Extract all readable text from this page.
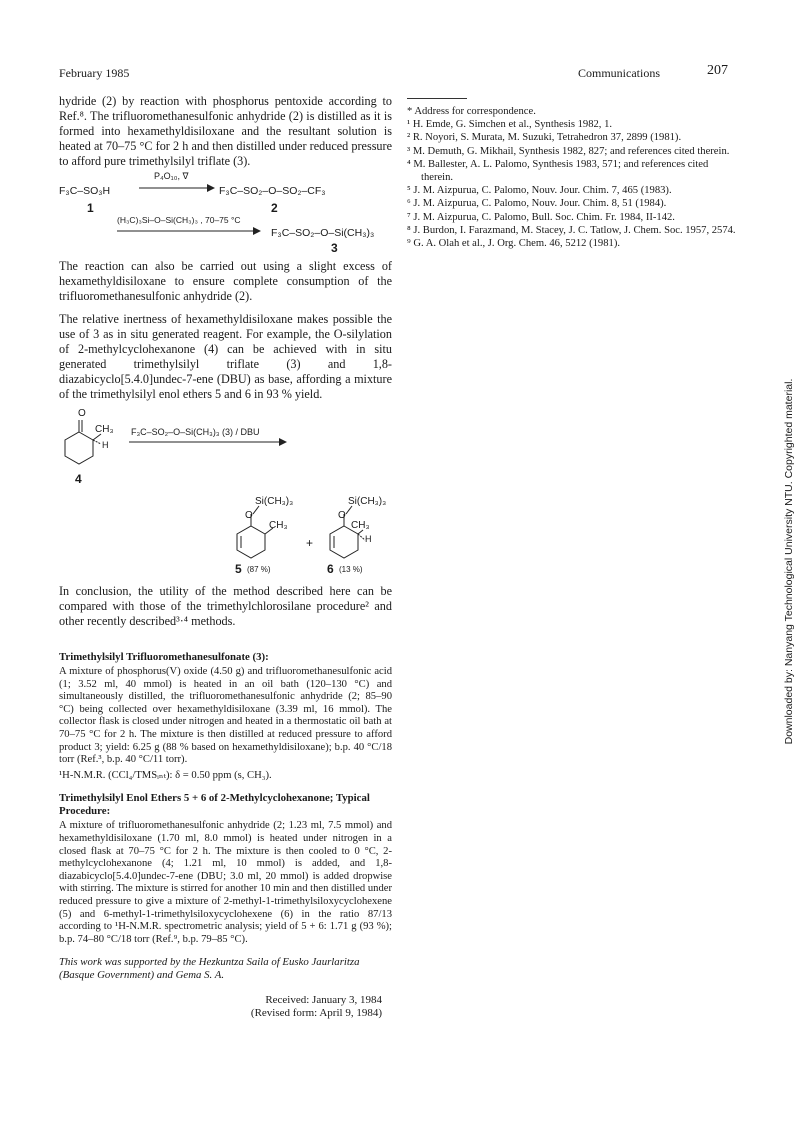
February 1985	Communications	207

hydride (2) by reaction with phosphorus pentoxide according to Ref.⁸. The trifluoromethanesulfonic anhydride (2) is distilled as it is formed into hexamethyldisiloxane and the resultant solution is heated at 70–75 °C for 2 h and then distilled under reduced pressure to afford pure trimethylsilyl triflate (3).

F₃C–SO₃H
1
P₄O₁₀, ∇
F₃C–SO₂–O–SO₂–CF₃
2
(H₃C)₃Si–O–Si(CH₃)₃ , 70–75 °C
F₃C–SO₂–O–Si(CH₃)₃
3

The reaction can also be carried out using a slight excess of hexamethyldisiloxane to ensure complete consumption of the trifluoromethanesulfonic anhydride (2).

The relative inertness of hexamethyldisiloxane makes possible the use of 3 as in situ generated reagent. For example, the O-silylation of 2-methylcyclohexanone (4) can be achieved with in situ generated trimethylsilyl triflate (3) and 1,8-diazabicyclo[5.4.0]undec-7-ene (DBU) as base, affording a mixture of the trimethylsilyl enol ethers 5 and 6 in 93 % yield.

O
CH₃
H
4
F₃C–SO₂–O–Si(CH₃)₃ (3) / DBU
Si(CH₃)₃
O
CH₃
+
Si(CH₃)₃
O
CH₃
H
5 (87 %)	6 (13 %)

In conclusion, the utility of the method described here can be compared with those of the trimethylchlorosilane procedure² and other recently described³·⁴ methods.

Trimethylsilyl Trifluoromethanesulfonate (3):

A mixture of phosphorus(V) oxide (4.50 g) and trifluoromethanesulfonic acid (1; 3.52 ml, 40 mmol) is heated in an oil bath (120–130 °C) and simultaneously distilled, the trifluoromethanesulfonic anhydride (2; 85–90 °C) being collected over hexamethyldisiloxane (3.39 ml, 16 mmol). The collector flask is closed under nitrogen and heated in a thermostatic oil bath at 70–75 °C for 2 h. The mixture is then distilled at reduced pressure to afford product 3; yield: 6.25 g (88 % based on hexamethyldisiloxane); b.p. 40 °C/18 torr (Ref.³, b.p. 40 °C/11 torr).

¹H-N.M.R. (CCl₄/TMSᵢₙₜ): δ = 0.50 ppm (s, CH₃).

Trimethylsilyl Enol Ethers 5 + 6 of 2-Methylcyclohexanone; Typical Procedure:

A mixture of trifluoromethanesulfonic anhydride (2; 1.23 ml, 7.5 mmol) and hexamethyldisiloxane (1.70 ml, 8.0 mmol) is heated under nitrogen in a closed flask at 70–75 °C for 2 h. The mixture is then cooled to 0 °C, 2-methylcyclohexanone (4; 1.21 ml, 10 mmol) is added, and 1,8-diazabicyclo[5.4.0]undec-7-ene (DBU; 3.0 ml, 20 mmol) is added dropwise with stirring. The mixture is stirred for another 10 min and then distilled under reduced pressure to give a mixture of 2-methyl-1-trimethylsiloxycyclohexene (5) and 6-methyl-1-trimethylsiloxycyclohexene (6) in the ratio 87/13 according to ¹H-N.M.R. spectrometric analysis; yield of 5 + 6: 1.71 g (93 %); b.p. 74–80 °C/18 torr (Ref.⁹, b.p. 79–85 °C).

This work was supported by the Hezkuntza Saila of Eusko Jaurlaritza (Basque Government) and Gema S. A.

Received: January 3, 1984
(Revised form: April 9, 1984)

* Address for correspondence.

¹ H. Emde, G. Simchen et al., Synthesis 1982, 1.

² R. Noyori, S. Murata, M. Suzuki, Tetrahedron 37, 2899 (1981).

³ M. Demuth, G. Mikhail, Synthesis 1982, 827; and references cited therein.

⁴ M. Ballester, A. L. Palomo, Synthesis 1983, 571; and references cited therein.

⁵ J. M. Aizpurua, C. Palomo, Nouv. Jour. Chim. 7, 465 (1983).

⁶ J. M. Aizpurua, C. Palomo, Nouv. Jour. Chim. 8, 51 (1984).

⁷ J. M. Aizpurua, C. Palomo, Bull. Soc. Chim. Fr. 1984, II-142.

⁸ J. Burdon, I. Farazmand, M. Stacey, J. C. Tatlow, J. Chem. Soc. 1957, 2574.

⁹ G. A. Olah et al., J. Org. Chem. 46, 5212 (1981).

Downloaded by: Nanyang Technological University NTU. Copyrighted material.
